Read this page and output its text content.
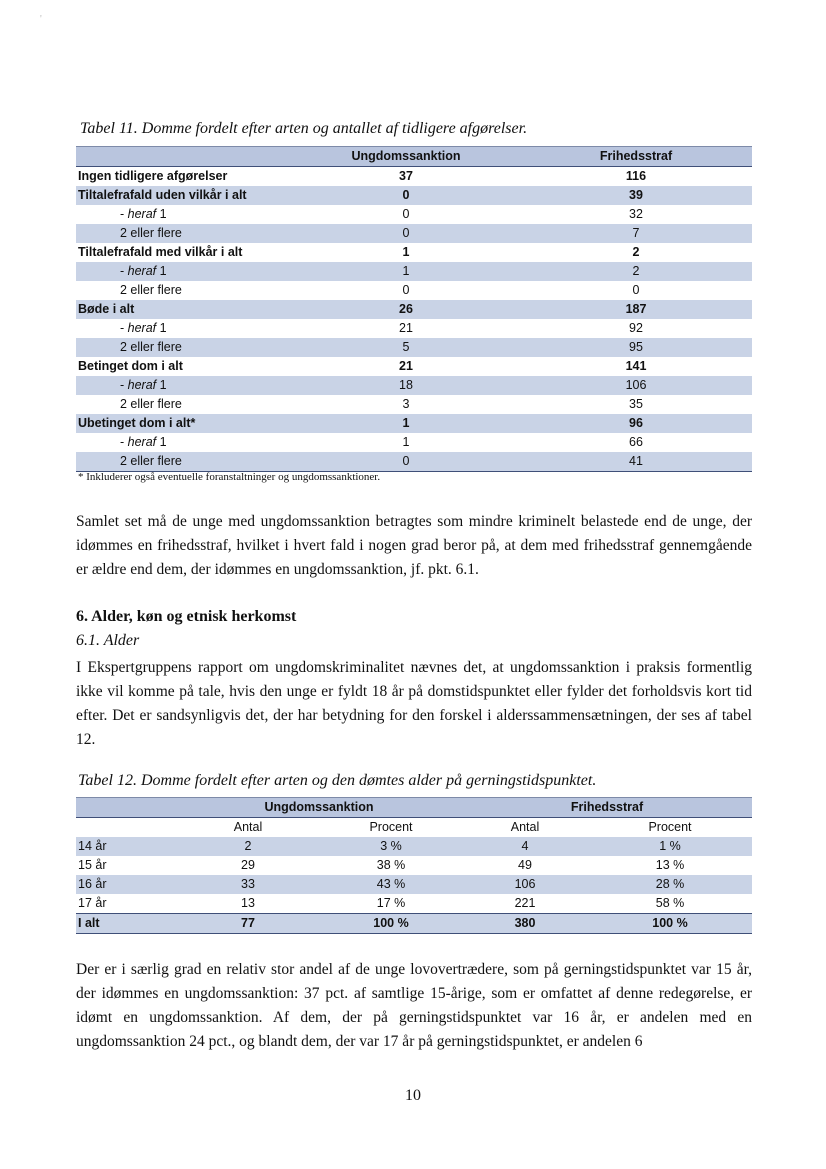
'
Tabel 11. Domme fordelt efter arten og antallet af tidligere afgørelser.
	Ungdomssanktion	Frihedsstraf
Ingen tidligere afgørelser	37	116
Tiltalefrafald uden vilkår i alt	0	39
- heraf 1	0	32
2 eller flere	0	7
Tiltalefrafald med vilkår i alt	1	2
- heraf 1	1	2
2 eller flere	0	0
Bøde i alt	26	187
- heraf 1	21	92
2 eller flere	5	95
Betinget dom i alt	21	141
- heraf 1	18	106
2 eller flere	3	35
Ubetinget dom i alt*	1	96
- heraf 1	1	66
2 eller flere	0	41
* Inkluderer også eventuelle foranstaltninger og ungdomssanktioner.
Samlet set må de unge med ungdomssanktion betragtes som mindre kriminelt belastede end de unge, der idømmes en frihedsstraf, hvilket i hvert fald i nogen grad beror på, at dem med frihedsstraf gennemgående er ældre end dem, der idømmes en ungdomssanktion, jf. pkt. 6.1.
6. Alder, køn og etnisk herkomst
6.1. Alder
I Ekspertgruppens rapport om ungdomskriminalitet nævnes det, at ungdomssanktion i praksis formentlig ikke vil komme på tale, hvis den unge er fyldt 18 år på domstidspunktet eller fylder det forholdsvis kort tid efter. Det er sandsynligvis det, der har betydning for den forskel i alderssammensætningen, der ses af tabel 12.
Tabel 12. Domme fordelt efter arten og den dømtes alder på gerningstidspunktet.
	Ungdomssanktion		Frihedsstraf	
	Antal	Procent	Antal	Procent
14 år	2	3 %	4	1 %
15 år	29	38 %	49	13 %
16 år	33	43 %	106	28 %
17 år	13	17 %	221	58 %
I alt	77	100 %	380	100 %
Der er i særlig grad en relativ stor andel af de unge lovovertrædere, som på gerningstidspunktet var 15 år, der idømmes en ungdomssanktion: 37 pct. af samtlige 15-årige, som er omfattet af denne redegørelse, er idømt en ungdomssanktion. Af dem, der på gerningstidspunktet var 16 år, er andelen med en ungdomssanktion 24 pct., og blandt dem, der var 17 år på gerningstidspunktet, er andelen 6
10
